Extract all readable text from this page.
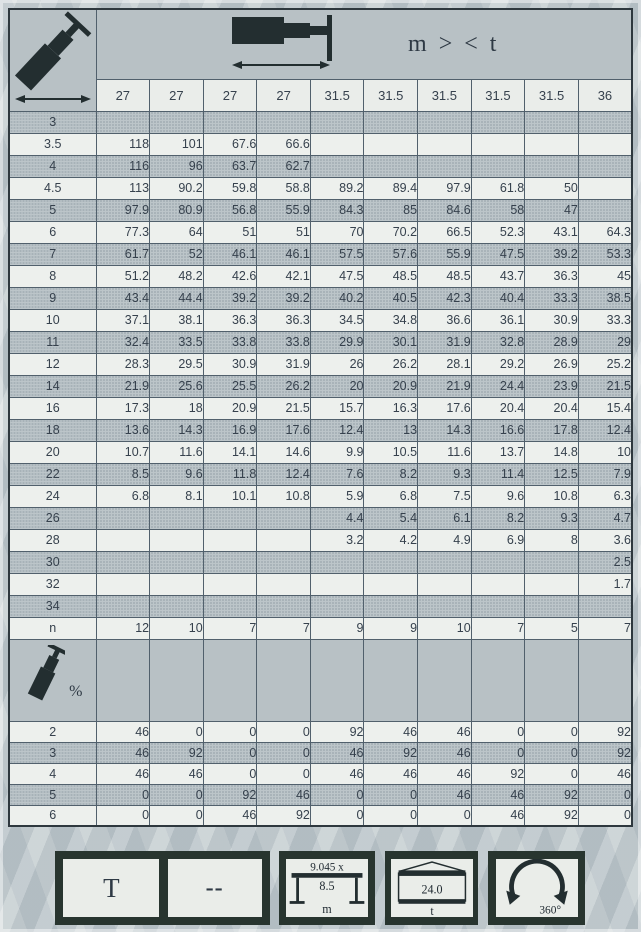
m > < t									

	27	27	27	27	31.5	31.5	31.5	31.5	31.5	36
3										
3.5	118	101	67.6	66.6						
4	116	96	63.7	62.7						
4.5	113	90.2	59.8	58.8	89.2	89.4	97.9	61.8	50	
5	97.9	80.9	56.8	55.9	84.3	85	84.6	58	47	
6	77.3	64	51	51	70	70.2	66.5	52.3	43.1	64.3
7	61.7	52	46.1	46.1	57.5	57.6	55.9	47.5	39.2	53.3
8	51.2	48.2	42.6	42.1	47.5	48.5	48.5	43.7	36.3	45
9	43.4	44.4	39.2	39.2	40.2	40.5	42.3	40.4	33.3	38.5
10	37.1	38.1	36.3	36.3	34.5	34.8	36.6	36.1	30.9	33.3
11	32.4	33.5	33.8	33.8	29.9	30.1	31.9	32.8	28.9	29
12	28.3	29.5	30.9	31.9	26	26.2	28.1	29.2	26.9	25.2
14	21.9	25.6	25.5	26.2	20	20.9	21.9	24.4	23.9	21.5
16	17.3	18	20.9	21.5	15.7	16.3	17.6	20.4	20.4	15.4
18	13.6	14.3	16.9	17.6	12.4	13	14.3	16.6	17.8	12.4
20	10.7	11.6	14.1	14.6	9.9	10.5	11.6	13.7	14.8	10
22	8.5	9.6	11.8	12.4	7.6	8.2	9.3	11.4	12.5	7.9
24	6.8	8.1	10.1	10.8	5.9	6.8	7.5	9.6	10.8	6.3
26					4.4	5.4	6.1	8.2	9.3	4.7
28					3.2	4.2	4.9	6.9	8	3.6
30										2.5
32										1.7
34										
n	12	10	7	7	9	9	10	7	5	7

%										

2	46	0	0	0	92	46	46	0	0	92
3	46	92	0	0	46	92	46	0	0	92
4	46	46	0	0	46	46	46	92	0	46
5	0	0	92	46	0	0	46	46	92	0
6	0	0	46	92	0	0	0	46	92	0
T	--
9.045 x
8.5
m
24.0
t	360°
